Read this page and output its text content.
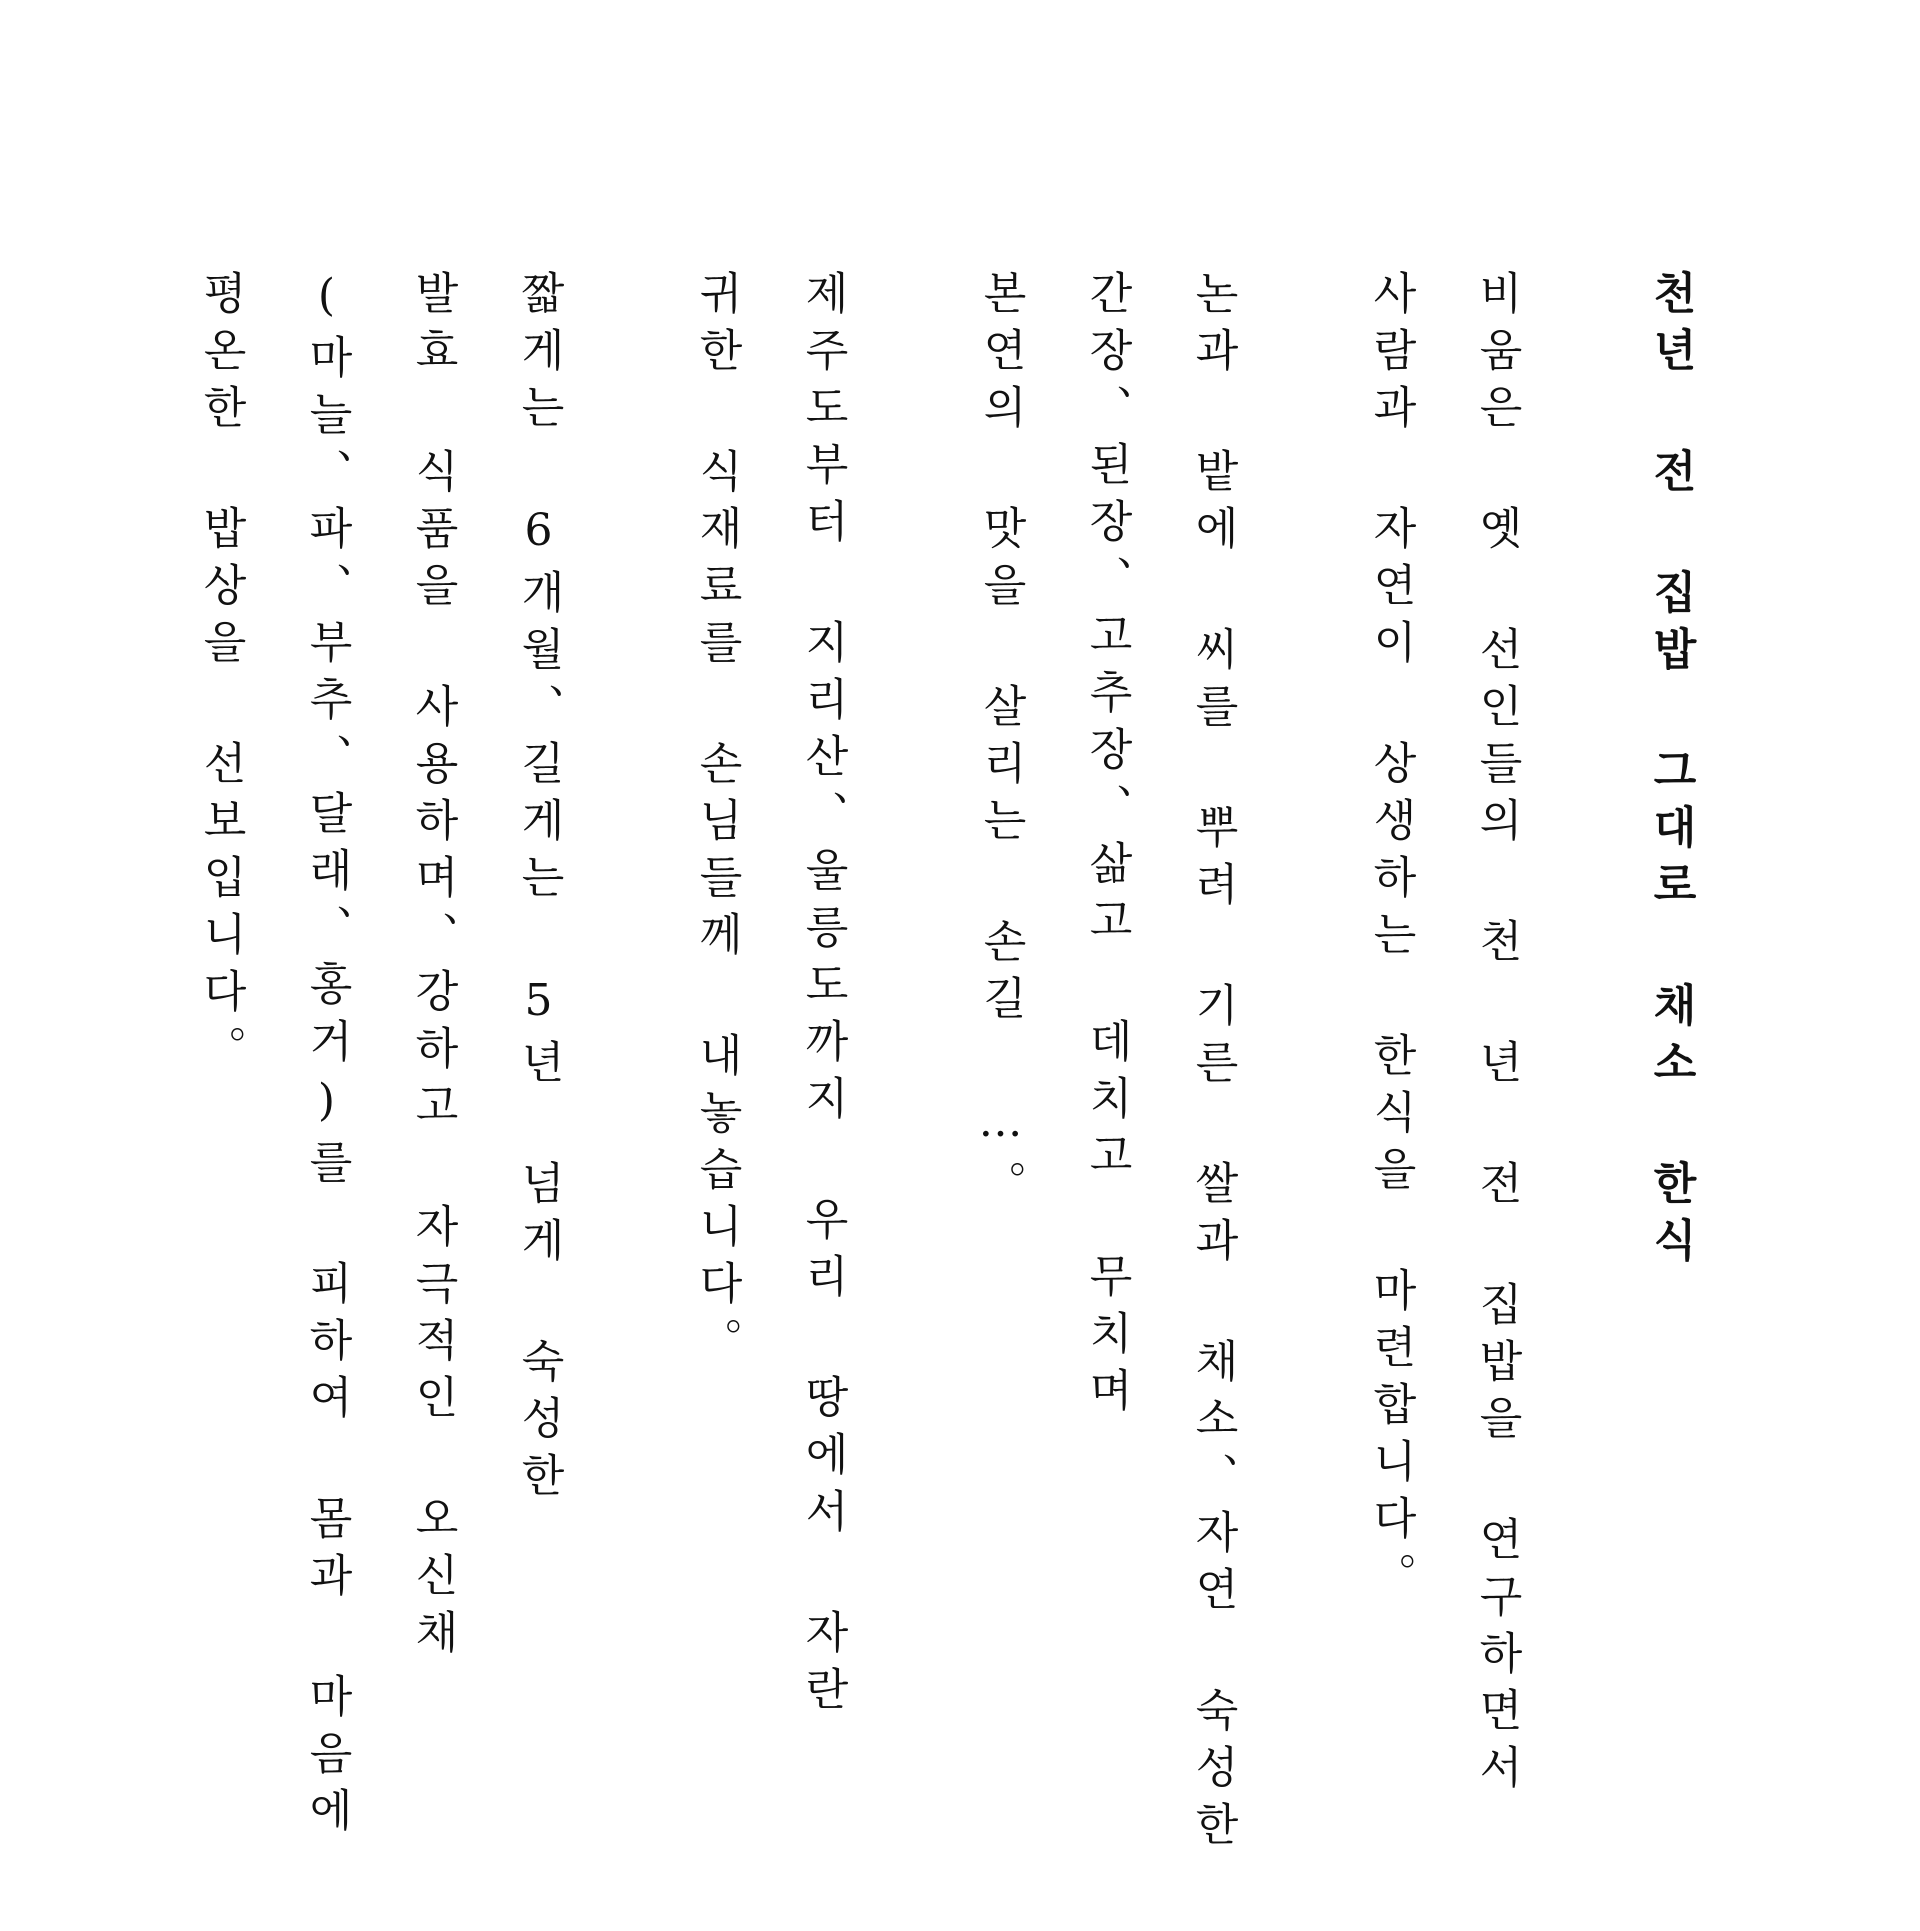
천년 전 집밥 그대로 채소 한식
비움은 옛 선인들의 천 년 전 집밥을 연구하면서
사람과 자연이 상생하는 한식을 마련합니다。
논과 밭에 씨를 뿌려 기른 쌀과 채소、자연 숙성한
간장、된장、고추장、삶고 데치고 무치며
본연의 맛을 살리는 손길 …。
제주도부터 지리산、울릉도까지 우리 땅에서 자란
귀한 식재료를 손님들께 내놓습니다。
짧게는 6개월、길게는 5년 넘게 숙성한
발효 식품을 사용하며、강하고 자극적인 오신채
(마늘、파、부추、달래、홍거)를 피하여 몸과 마음에
평온한 밥상을 선보입니다。
